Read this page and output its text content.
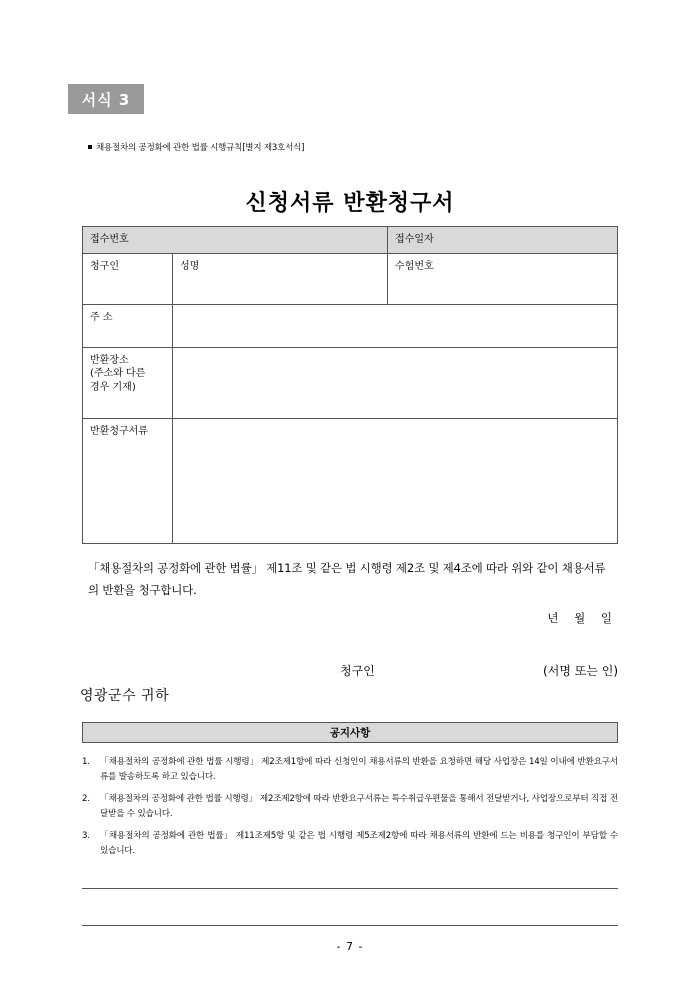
서식 3
채용절차의 공정화에 관한 법률 시행규칙[별지 제3호서식]
신청서류 반환청구서
접수번호		접수일자
청구인	성명	수험번호
주 소		

반환장소
(주소와 다른
경우 기재)		

반환청구서류		
「채용절차의 공정화에 관한 법률」 제11조 및 같은 법 시행령 제2조 및 제4조에 따라 위와 같이 채용서류의 반환을 청구합니다.
년 월 일
청구인	(서명 또는 인)
영광군수 귀하
공지사항
1.	「채용절차의 공정화에 관한 법률 시행령」 제2조제1항에 따라 신청인이 채용서류의 반환을 요청하면 해당 사업장은 14일 이내에 반환요구서류를 발송하도록 하고 있습니다.
2.	「채용절차의 공정화에 관한 법률 시행령」 제2조제2항에 따라 반환요구서류는 특수취급우편물을 통해서 전달받거나, 사업장으로부터 직접 전달받을 수 있습니다.
3.	「채용절차의 공정화에 관한 법률」 제11조제5항 및 같은 법 시행령 제5조제2항에 따라 채용서류의 반환에 드는 비용를 청구인이 부담할 수 있습니다.
- 7 -
